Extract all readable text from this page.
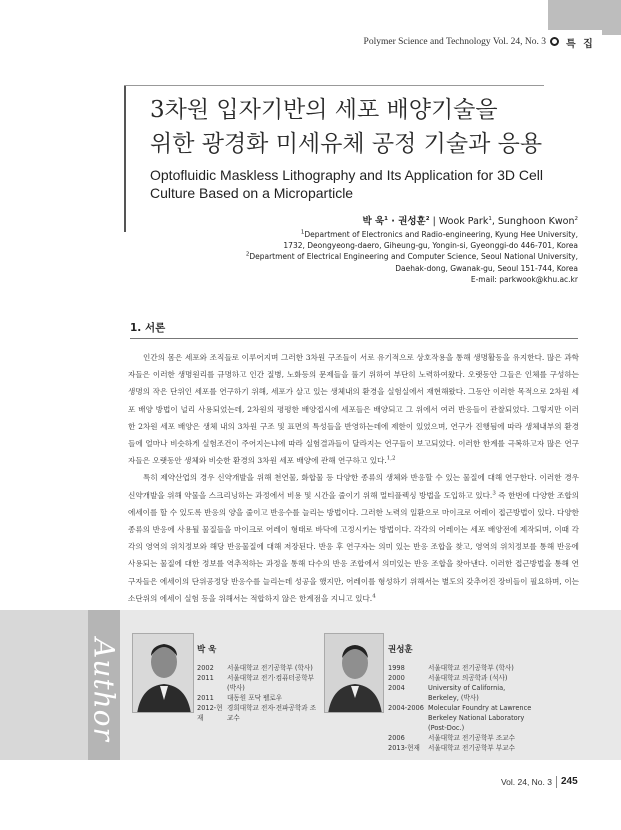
Polymer Science and Technology Vol. 24, No. 3 특 집
3차원 입자기반의 세포 배양기술을
위한 광경화 미세유체 공정 기술과 응용
Optofluidic Maskless Lithography and Its Application for 3D Cell Culture Based on a Microparticle
박 욱$^1$ · 권성훈$^2$ | Wook Park$^1$, Sunghoon Kwon$^2$

$^1$Department of Electronics and Radio-engineering, Kyung Hee University,

1732, Deongyeong-daero, Giheung-gu, Yongin-si, Gyeonggi-do 446-701, Korea

$^2$Department of Electrical Engineering and Computer Science, Seoul National University,

Daehak-dong, Gwanak-gu, Seoul 151-744, Korea

E-mail: parkwook@khu.ac.kr

1. 서론

인간의 몸은 세포와 조직들로 이루어지며 그러한 3차원 구조들이 서로 유기적으로 상호작용을 통해 생명활동을 유지한다. 많은 과학자들은 이러한 생명원리를 규명하고 인간 질병, 노화등의 문제들을 풀기 위하여 부단히 노력하여왔다. 오랫동안 그들은 인체를 구성하는 생명의 작은 단위인 세포를 연구하기 위해, 세포가 살고 있는 생체내의 환경을 실험실에서 재현해왔다. 그동안 이러한 목적으로 2차원 세포 배양 방법이 널리 사용되었는데, 2차원의 평평한 배양접시에 세포들은 배양되고 그 위에서 여러 반응들이 관찰되었다. 그렇지만 이러한 2차원 세포 배양은 생체 내의 3차원 구조 및 표면의 특성들을 반영하는데에 제한이 있었으며, 연구가 진행됨에 따라 생체내부의 환경들에 얼마나 비슷하게 실험조건이 주어지는냐에 따라 실험결과들이 달라지는 연구들이 보고되었다. 이러한 한계를 극복하고자 많은 연구자들은 오랫동안 생체와 비슷한 환경의 3차원 세포 배양에 관해 연구하고 있다.$^{1,2}$

특히 제약산업의 경우 신약개발을 위해 천연물, 화합물 등 다양한 종류의 생체와 반응할 수 있는 물질에 대해 연구한다. 이러한 경우 신약개발을 위해 약물을 스크리닝하는 과정에서 비용 및 시간을 줄이기 위해 멀티플렉싱 방법을 도입하고 있다.$^3$ 즉 한번에 다양한 조합의 에세이를 할 수 있도록 반응의 양을 줄이고 반응수를 늘리는 방법이다. 그러한 노력의 일환으로 마이크로 어레이 접근방법이 있다. 다양한 종류의 반응에 사용될 물질들을 마이크로 어레이 형태로 바닥에 고정시키는 방법이다. 각각의 어레이는 세포 배양전에 제작되며, 이때 각각의 영역의 위치정보와 해당 반응물질에 대해 저장된다. 반응 후 연구자는 의미 있는 반응 조합을 찾고, 영역의 위치정보를 통해 반응에 사용되는 물질에 대한 정보를 역추적하는 과정을 통해 다수의 반응 조합에서 의미있는 반응 조합을 찾아낸다. 이러한 접근방법을 통해 연구자들은 에세이의 단위공정당 반응수를 늘리는데 성공을 했지만, 어레이를 형성하기 위해서는 별도의 갖추어진 장비들이 필요하며, 이는 소단위의 에세이 실험 등을 위해서는 적합하지 않은 한계점을 지니고 있다.$^4$

Author	박 욱
2002	서울대학교 전기공학부 (학사)
2011	서울대학교 전기·컴퓨터공학부 (박사)
2011	대동원 포닥 펠로우
2012-현재	경희대학교 전자·전파공학과 조교수
권성훈
1998	서울대학교 전기공학부 (학사)
2000	서울대학교 의공학과 (석사)
2004	University of California, Berkeley, (박사)
2004-2006	Molecular Foundry at Lawrence Berkeley National Laboratory (Post-Doc.)
2006	서울대학교 전기공학부 조교수
2013-현재	서울대학교 전기공학부 부교수
Vol. 24, No. 3 245
